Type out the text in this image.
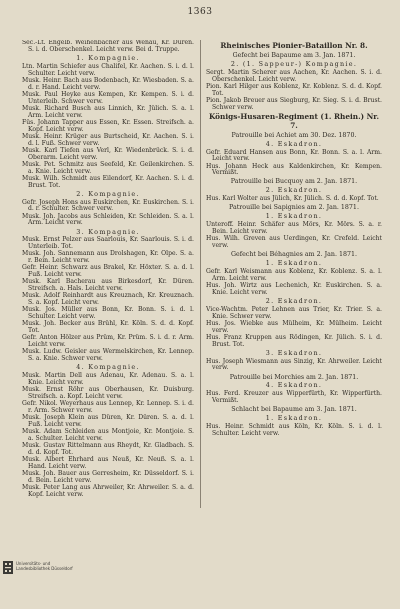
1363

Sec.-Lt. Engelb. Weihenbacher aus Wenau, Kr. Düren. S. i. d. Oberschenkel. Leicht verw. Bei d. Truppe.

1. Kompagnie.

Ltn. Martin Schiefer aus Chalifel, Kr. Aachen. S. i. d. l. Schulter. Leicht verw.

Musk. Heinr. Bach aus Bodenbach, Kr. Wiesbaden. S. a. d. r. Hand. Leicht verw.

Musk. Paul Heyke aus Kempen, Kr. Kempen. S. i. d. Unterleib. Schwer verw.

Musk. Richard Busch aus Linnich, Kr. Jülich. S. a. l. Arm. Leicht verw.

Füs. Johann Tapper aus Essen, Kr. Essen. Streifsch. a. Kopf. Leicht verw.

Musk. Heinr. Krüger aus Burtscheid, Kr. Aachen. S. i. d. l. Fuß. Schwer verw.

Musk. Karl Tiefen aus Verl, Kr. Wiedenbrück. S. i. d. Oberarm. Leicht verw.

Musk. Pet. Schmitz aus Seefeld, Kr. Geilenkirchen. S. a. Knie. Leicht verw.

Musk. Wilh. Schmidt aus Eilendorf, Kr. Aachen. S. i. d. Brust. Tot.

2. Kompagnie.

Gefr. Joseph Hons aus Euskirchen, Kr. Euskirchen. S. i. d. r. Schulter. Schwer verw.

Musk. Joh. Jacobs aus Schleiden, Kr. Schleiden. S. a. l. Arm. Leicht verw.

3. Kompagnie.

Musk. Ernst Pelzer aus Saarlouis, Kr. Saarlouis. S. i. d. Unterleib. Tot.

Musk. Joh. Sannemann aus Drolshagen, Kr. Olpe. S. a. r. Bein. Leicht verw.

Gefr. Heinr. Schwarz aus Brakel, Kr. Höxter. S. a. d. l. Fuß. Leicht verw.

Musk. Karl Bacherau aus Birkesdorf, Kr. Düren. Streifsch. a. Hals. Leicht verw.

Musk. Adolf Reinhardt aus Kreuznach, Kr. Kreuznach. S. a. Kopf. Leicht verw.

Musk. Jos. Müller aus Bonn, Kr. Bonn. S. i. d. l. Schulter. Leicht verw.

Musk. Joh. Becker aus Brühl, Kr. Köln. S. d. d. Kopf. Tot.

Gefr. Anton Hölzer aus Prüm, Kr. Prüm. S. i. d. r. Arm. Leicht verw.

Musk. Ludw. Geisler aus Wermelskirchen, Kr. Lennep. S. a. Knie. Schwer verw.

4. Kompagnie.

Musk. Martin Dell aus Adenau, Kr. Adenau. S. a. l. Knie. Leicht verw.

Musk. Ernst Röhr aus Oberhausen, Kr. Duisburg. Streifsch. a. Kopf. Leicht verw.

Gefr. Nikol. Weyerhaus aus Lennep, Kr. Lennep. S. i. d. r. Arm. Schwer verw.

Musk. Joseph Klein aus Düren, Kr. Düren. S. a. d. l. Fuß. Leicht verw.

Musk. Adam Schleiden aus Montjoie, Kr. Montjoie. S. a. Schulter. Leicht verw.

Musk. Gustav Rittelmann aus Rheydt, Kr. Gladbach. S. d. d. Kopf. Tot.

Musk. Albert Ehrhard aus Neuß, Kr. Neuß. S. a. l. Hand. Leicht verw.

Musk. Joh. Bauer aus Gerresheim, Kr. Düsseldorf. S. i. d. Bein. Leicht verw.

Musk. Peter Lang aus Ahrweiler, Kr. Ahrweiler. S. a. d. Kopf. Leicht verw.

Rheinisches Pionier-Bataillon Nr. 8.

Gefecht bei Bapaume am 3. Jan. 1871.

2. (1. Sappeur-) Kompagnie.

Sergt. Martin Scherer aus Aachen, Kr. Aachen. S. i. d. Oberschenkel. Leicht verw.

Pion. Karl Hilger aus Koblenz, Kr. Koblenz. S. d. d. Kopf. Tot.

Pion. Jakob Breuer aus Siegburg, Kr. Sieg. S. i. d. Brust. Schwer verw.

Königs-Husaren-Regiment (1. Rhein.) Nr. 7.

Patrouille bei Achiet am 30. Dez. 1870.

4. Eskadron.

Gefr. Eduard Hansen aus Bonn, Kr. Bonn. S. a. l. Arm. Leicht verw.

Hus. Johann Heck aus Kaldenkirchen, Kr. Kempen. Vermißt.

Patrouille bei Bucquoy am 2. Jan. 1871.

2. Eskadron.

Hus. Karl Wolter aus Jülich, Kr. Jülich. S. d. d. Kopf. Tot.

Patrouille bei Sapignies am 2. Jan. 1871.

1. Eskadron.

Unteroff. Heinr. Schäfer aus Mörs, Kr. Mörs. S. a. r. Bein. Leicht verw.

Hus. Wilh. Greven aus Uerdingen, Kr. Crefeld. Leicht verw.

Gefecht bei Béhagnies am 2. Jan. 1871.

1. Eskadron.

Gefr. Karl Weismann aus Koblenz, Kr. Koblenz. S. a. l. Arm. Leicht verw.

Hus. Joh. Wirtz aus Lechenich, Kr. Euskirchen. S. a. Knie. Leicht verw.

2. Eskadron.

Vice-Wachtm. Peter Lehnen aus Trier, Kr. Trier. S. a. Knie. Schwer verw.

Hus. Jos. Wiebke aus Mülheim, Kr. Mülheim. Leicht verw.

Hus. Franz Kruppen aus Rödingen, Kr. Jülich. S. i. d. Brust. Tot.

3. Eskadron.

Hus. Joseph Wiesmann aus Sinzig, Kr. Ahrweiler. Leicht verw.

Patrouille bei Morchies am 2. Jan. 1871.

4. Eskadron.

Hus. Ferd. Kreuzer aus Wipperfürth, Kr. Wipperfürth. Vermißt.

Schlacht bei Bapaume am 3. Jan. 1871.

1. Eskadron.

Hus. Heinr. Schmidt aus Köln, Kr. Köln. S. i. d. l. Schulter. Leicht verw.

Universitäts- und
Landesbibliothek Düsseldorf
